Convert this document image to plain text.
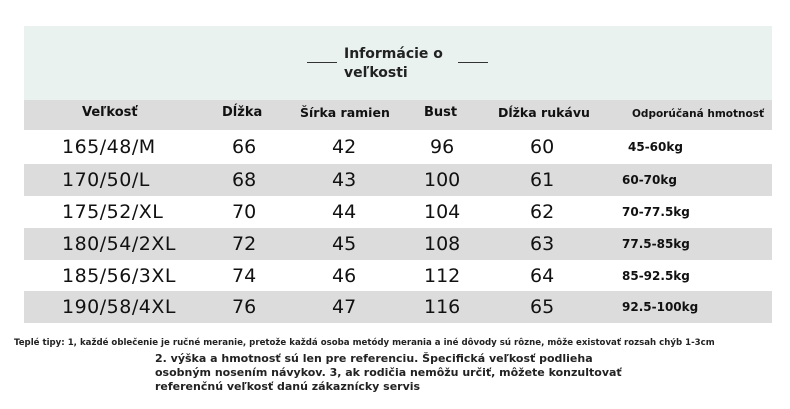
Informácie o
veľkosti
Veľkosť	Dĺžka	Šírka ramien	Bust	Dĺžka rukávu	Odporúčaná hmotnosť
165/48/M	66	42	96	60	45-60kg
170/50/L	68	43	100	61	60-70kg
175/52/XL	70	44	104	62	70-77.5kg
180/54/2XL	72	45	108	63	77.5-85kg
185/56/3XL	74	46	112	64	85-92.5kg
190/58/4XL	76	47	116	65	92.5-100kg
Teplé tipy: 1, každé oblečenie je ručné meranie, pretože každá osoba metódy merania a iné dôvody sú rôzne, môže existovať rozsah chýb 1-3cm
2. výška a hmotnosť sú len pre referenciu. Špecifická veľkosť podlieha osobným nosením návykov. 3, ak rodičia nemôžu určiť, môžete konzultovať referenčnú veľkosť danú zákaznícky servis
